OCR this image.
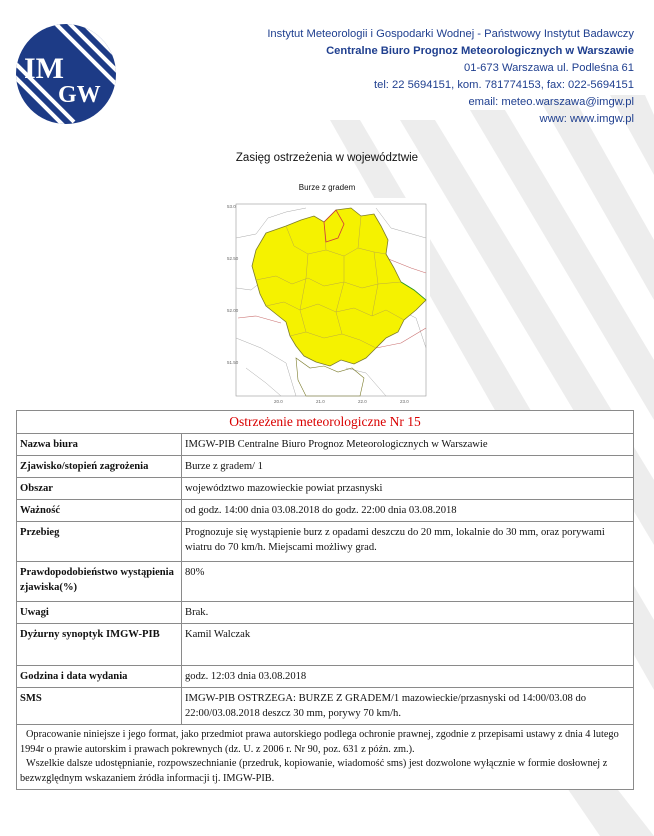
IM
GW
Instytut Meteorologii i Gospodarki Wodnej - Państwowy Instytut Badawczy
Centralne Biuro Prognoz Meteorologicznych w Warszawie
01-673 Warszawa ul. Podleśna 61
tel: 22 5694151, kom. 781774153, fax: 022-5694151
email: meteo.warszawa@imgw.pl
www: www.imgw.pl
Zasięg ostrzeżenia w województwie
Burze z gradem
53.0
52.50
52.00
51.50
20.0	21.0	22.0	23.0
Ostrzeżenie meteorologiczne Nr 15	
Nazwa biura	IMGW-PIB Centralne Biuro Prognoz Meteorologicznych w Warszawie
Zjawisko/stopień zagrożenia	Burze z gradem/ 1
Obszar	województwo mazowieckie powiat przasnyski
Ważność	od godz. 14:00 dnia 03.08.2018 do godz. 22:00 dnia 03.08.2018
Przebieg	Prognozuje się wystąpienie burz z opadami deszczu do 20 mm, lokalnie do 30 mm, oraz porywami wiatru do 70 km/h. Miejscami możliwy grad.
Prawdopodobieństwo wystąpienia zjawiska(%)	80%
Uwagi	Brak.
Dyżurny synoptyk IMGW-PIB	Kamil Walczak
Godzina i data wydania	godz. 12:03 dnia 03.08.2018
SMS	IMGW-PIB OSTRZEGA: BURZE Z GRADEM/1 mazowieckie/przasnyski od 14:00/03.08 do 22:00/03.08.2018 deszcz 30 mm, porywy 70 km/h.

Opracowanie niniejsze i jego format, jako przedmiot prawa autorskiego podlega ochronie prawnej, zgodnie z przepisami ustawy z dnia 4 lutego 1994r o prawie autorskim i prawach pokrewnych (dz. U. z 2006 r. Nr 90, poz. 631 z późn. zm.).
Wszelkie dalsze udostępnianie, rozpowszechnianie (przedruk, kopiowanie, wiadomość sms) jest dozwolone wyłącznie w formie dosłownej z bezwzględnym wskazaniem źródła informacji tj. IMGW-PIB.	
